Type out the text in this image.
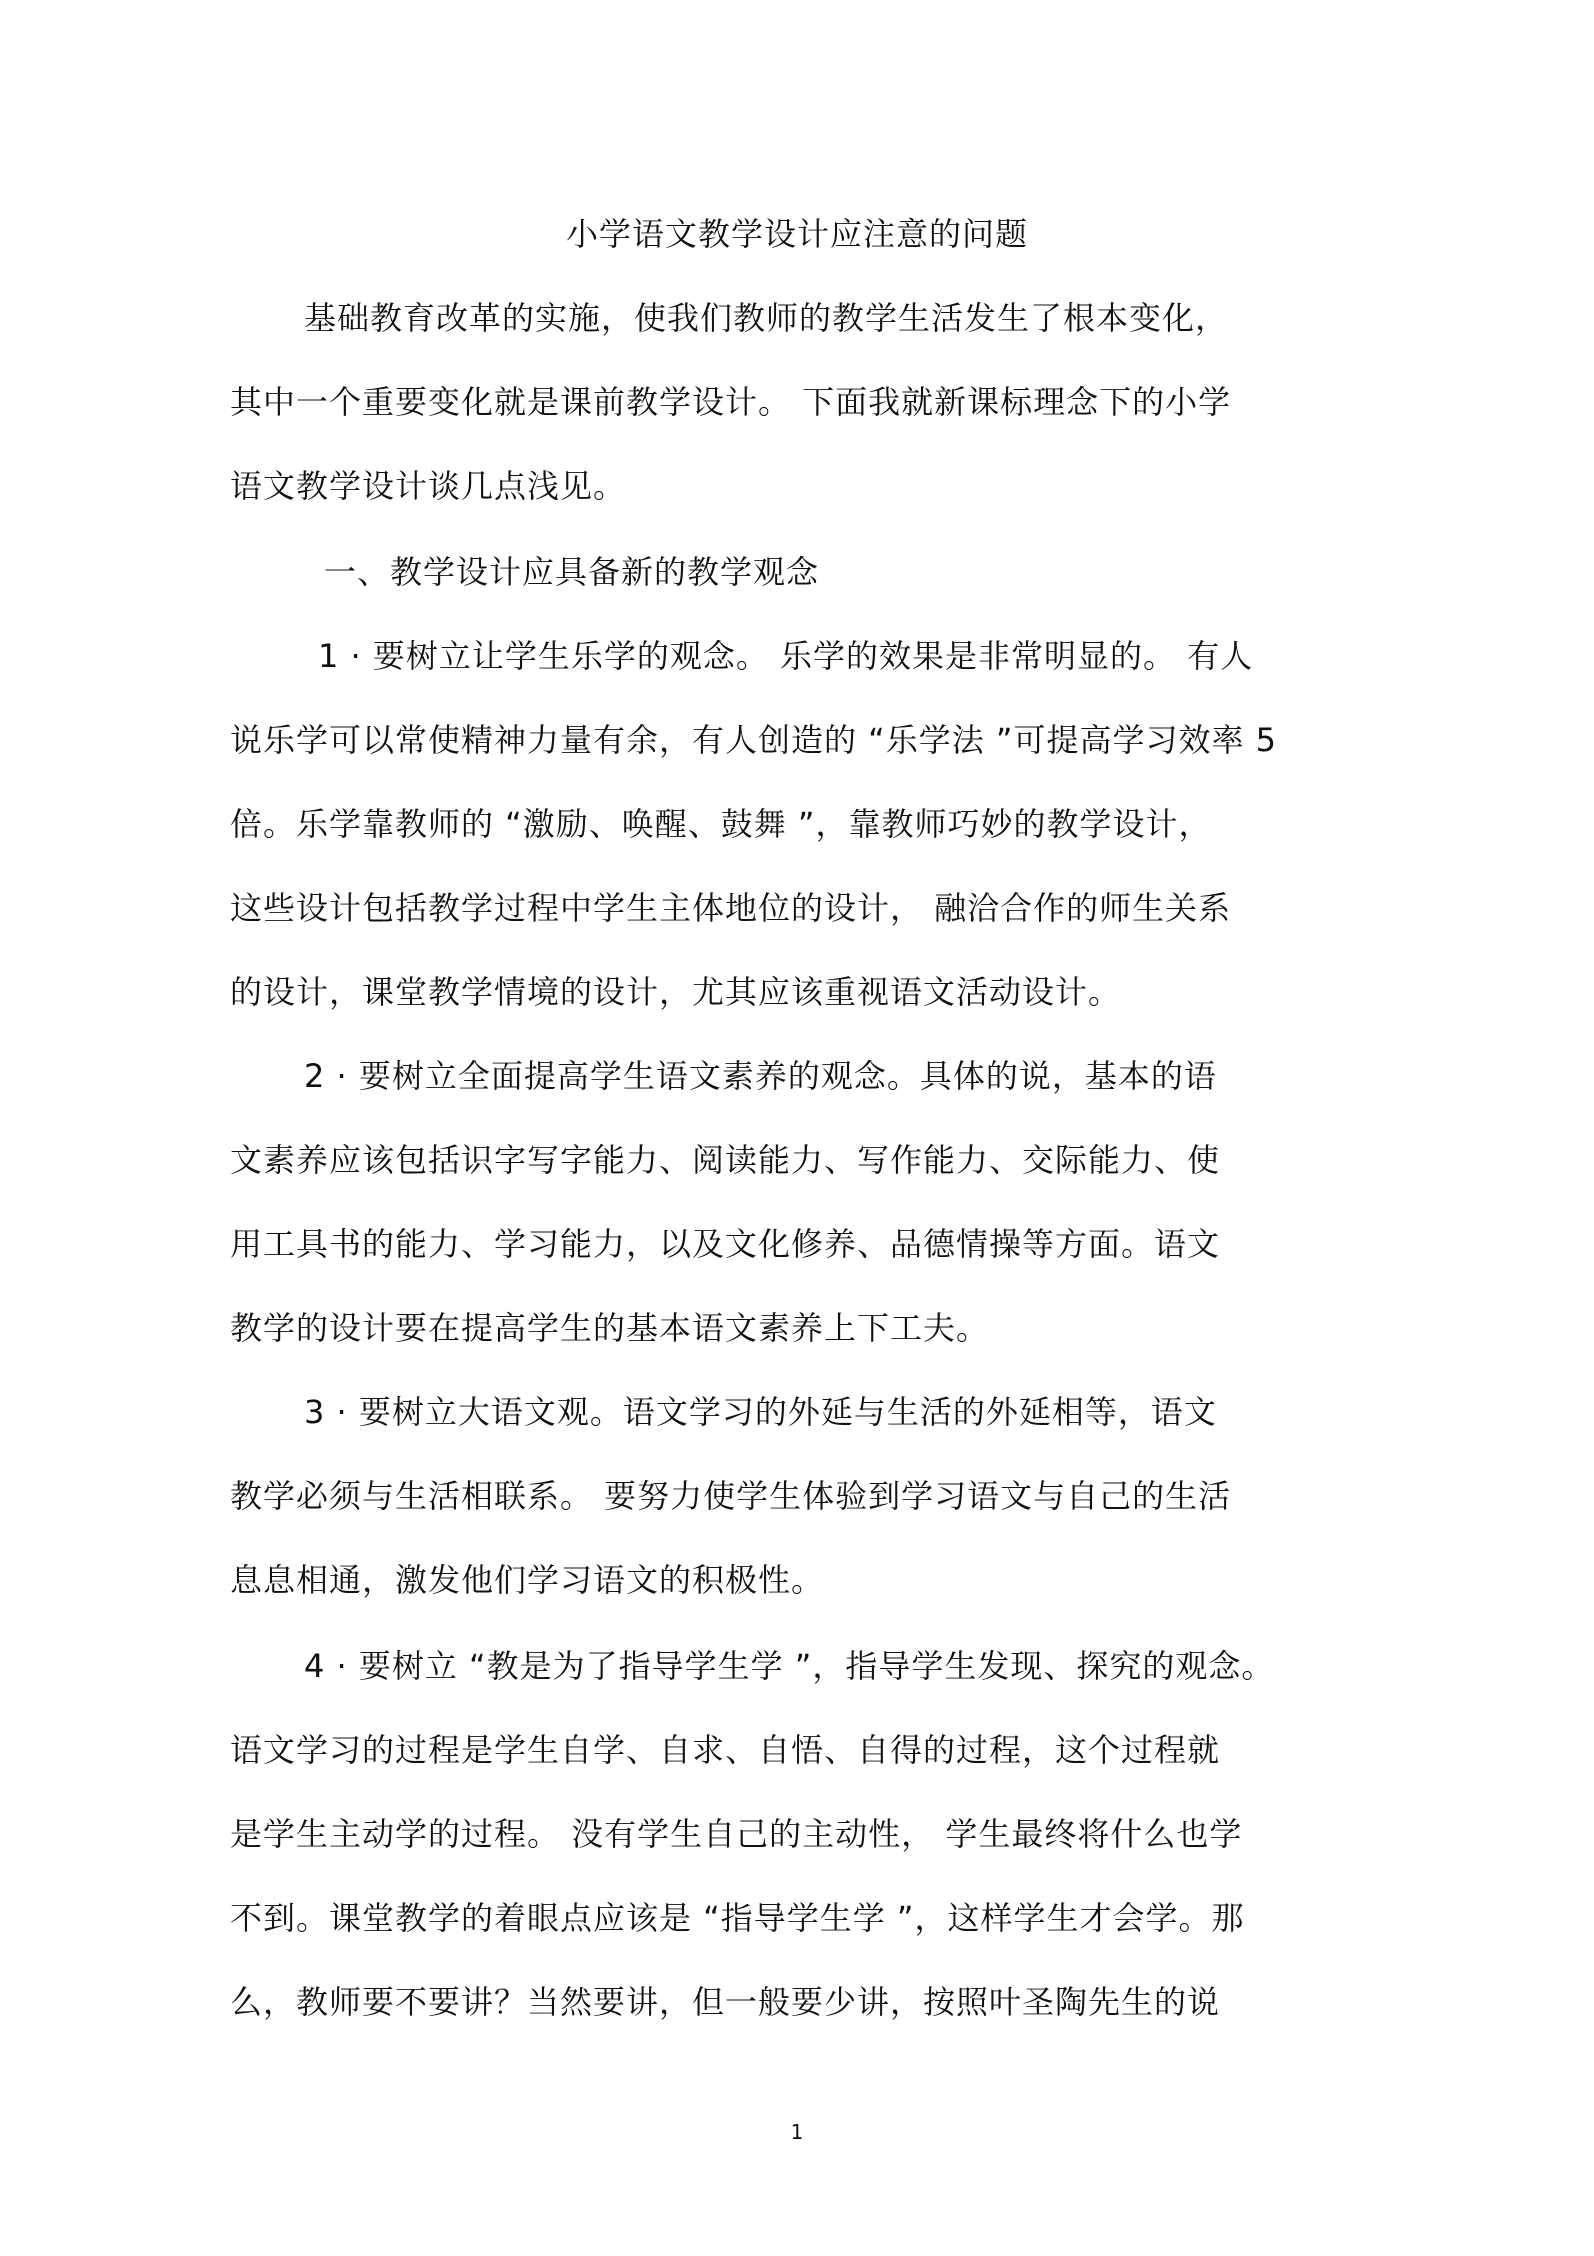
小学语文教学设计应注意的问题
基础教育改革的实施，使我们教师的教学生活发生了根本变化，
其中一个重要变化就是课前教学设计。 下面我就新课标理念下的小学
语文教学设计谈几点浅见。
一、教学设计应具备新的教学观念
1 · 要树立让学生乐学的观念。 乐学的效果是非常明显的。 有人
说乐学可以常使精神力量有余，有人创造的 “乐学法 ”可提高学习效率 5
倍。乐学靠教师的 “激励、唤醒、鼓舞 ”，靠教师巧妙的教学设计，
这些设计包括教学过程中学生主体地位的设计， 融洽合作的师生关系
的设计，课堂教学情境的设计，尤其应该重视语文活动设计。
2 · 要树立全面提高学生语文素养的观念。具体的说，基本的语
文素养应该包括识字写字能力、阅读能力、写作能力、交际能力、使
用工具书的能力、学习能力，以及文化修养、品德情操等方面。语文
教学的设计要在提高学生的基本语文素养上下工夫。
3 · 要树立大语文观。语文学习的外延与生活的外延相等，语文
教学必须与生活相联系。 要努力使学生体验到学习语文与自己的生活
息息相通，激发他们学习语文的积极性。
4 · 要树立 “教是为了指导学生学 ”，指导学生发现、探究的观念。
语文学习的过程是学生自学、自求、自悟、自得的过程，这个过程就
是学生主动学的过程。 没有学生自己的主动性， 学生最终将什么也学
不到。课堂教学的着眼点应该是 “指导学生学 ”，这样学生才会学。那
么，教师要不要讲？当然要讲，但一般要少讲，按照叶圣陶先生的说
1
